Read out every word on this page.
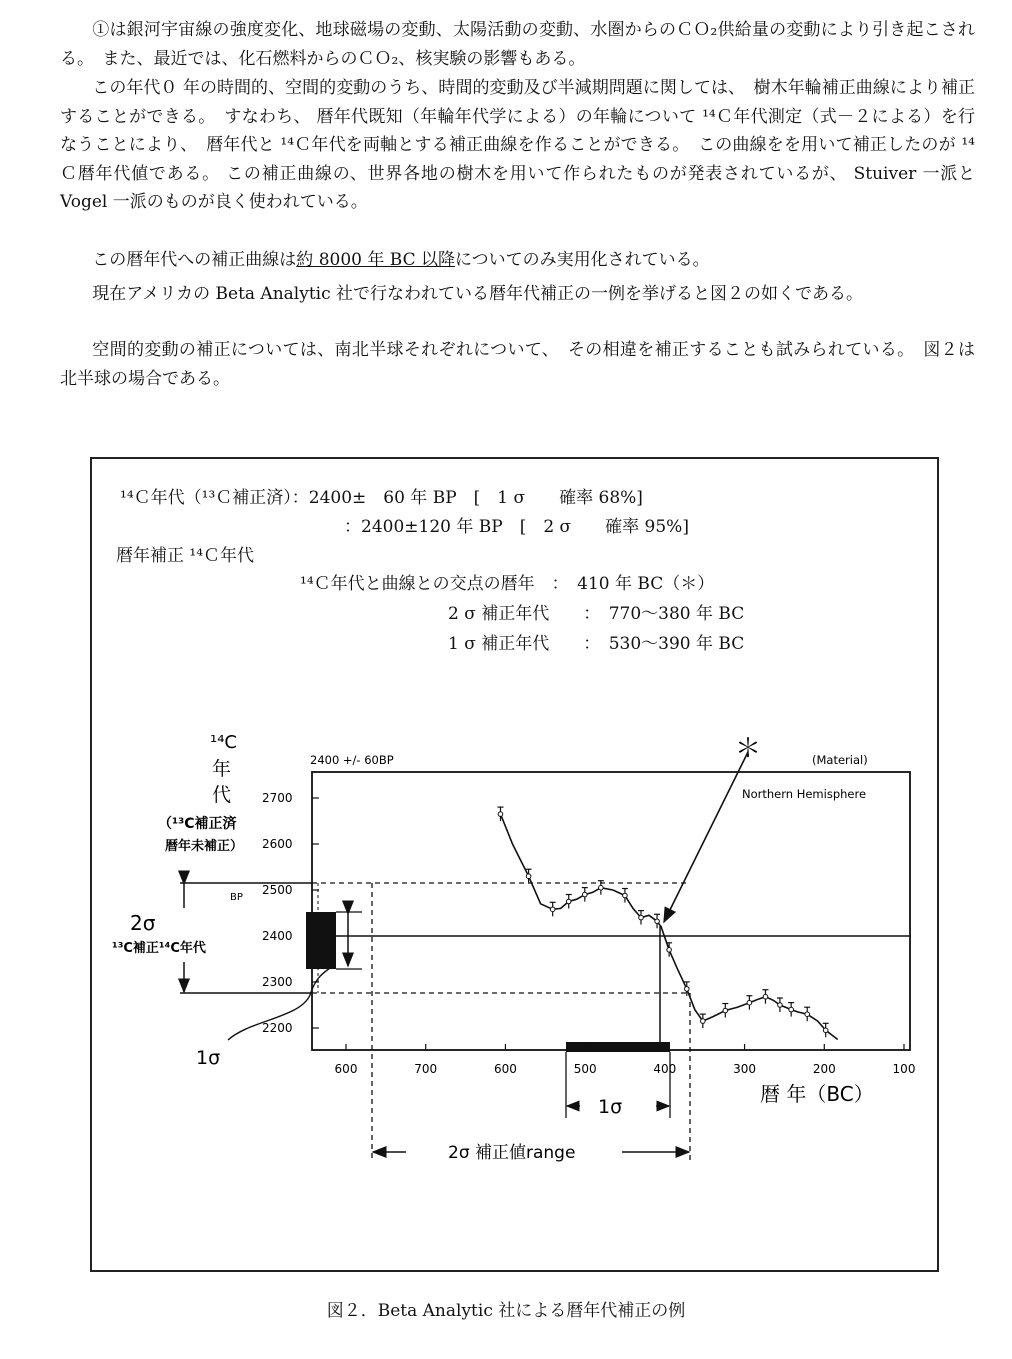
①は銀河宇宙線の強度変化、地球磁場の変動、太陽活動の変動、水圏からのＣＯ₂供給量の変動により引き起こされる。　また、最近では、化石燃料からのＣＯ₂、核実験の影響もある。

この年代０ 年の時間的、空間的変動のうち、時間的変動及び半減期問題に関しては、　樹木年輪補正曲線により補正することができる。　すなわち、 暦年代既知（年輪年代学による）の年輪について ¹⁴Ｃ年代測定（式－２による）を行なうことにより、　暦年代と ¹⁴Ｃ年代を両軸とする補正曲線を作ることができる。　この曲線をを用いて補正したのが ¹⁴Ｃ暦年代値である。 この補正曲線の、世界各地の樹木を用いて作られたものが発表されているが、 Stuiver 一派と Vogel 一派のものが良く使われている。

この暦年代への補正曲線は約 8000 年 BC 以降についてのみ実用化されている。

現在アメリカの Beta Analytic 社で行なわれている暦年代補正の一例を挙げると図２の如くである。

空間的変動の補正については、南北半球それぞれについて、　その相違を補正することも試みられている。　図２は北半球の場合である。

¹⁴Ｃ年代（¹³Ｃ補正済）：2400±　60 年 BP　[　1 σ　　確率 68%]
：2400±120 年 BP　[　2 σ　　確率 95%]
暦年補正 ¹⁴Ｃ年代
¹⁴Ｃ年代と曲線との交点の暦年　：　410 年 BC（＊）
2 σ 補正年代　　：　770～380 年 BC
1 σ 補正年代　　：　530～390 年 BC
¹⁴C
年
代
（¹³C補正済
暦年未補正）
2400 +/- 60BP	(Material)
Northern Hemisphere
BP
2σ
¹³C補正¹⁴C年代
1σ
＊
1σ
2σ 補正値range
暦 年（BC）
2200
2300
2400
2500
2600
2700
600	700	600	500	400	300	200	100
図２．Beta Analytic 社による暦年代補正の例
